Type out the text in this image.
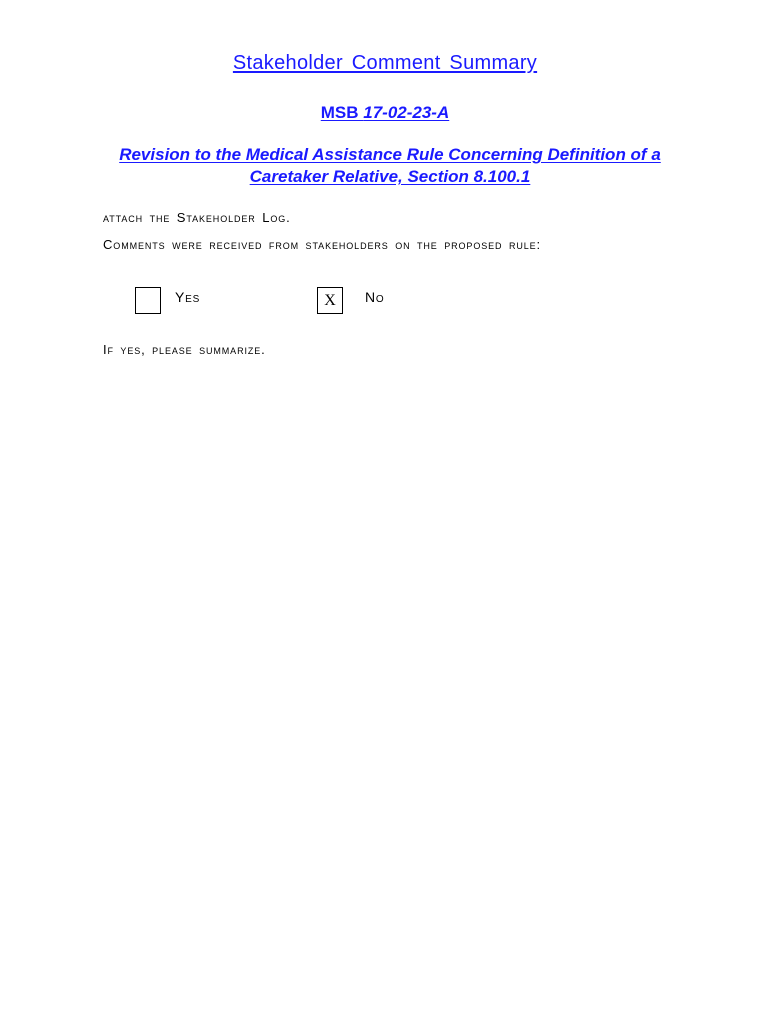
Stakeholder Comment Summary
MSB 17-02-23-A
Revision to the Medical Assistance Rule Concerning Definition of a
Caretaker Relative, Section 8.100.1
attach the Stakeholder Log.
Comments were received from stakeholders on the proposed rule:
Yes	X	No
If yes, please summarize.
